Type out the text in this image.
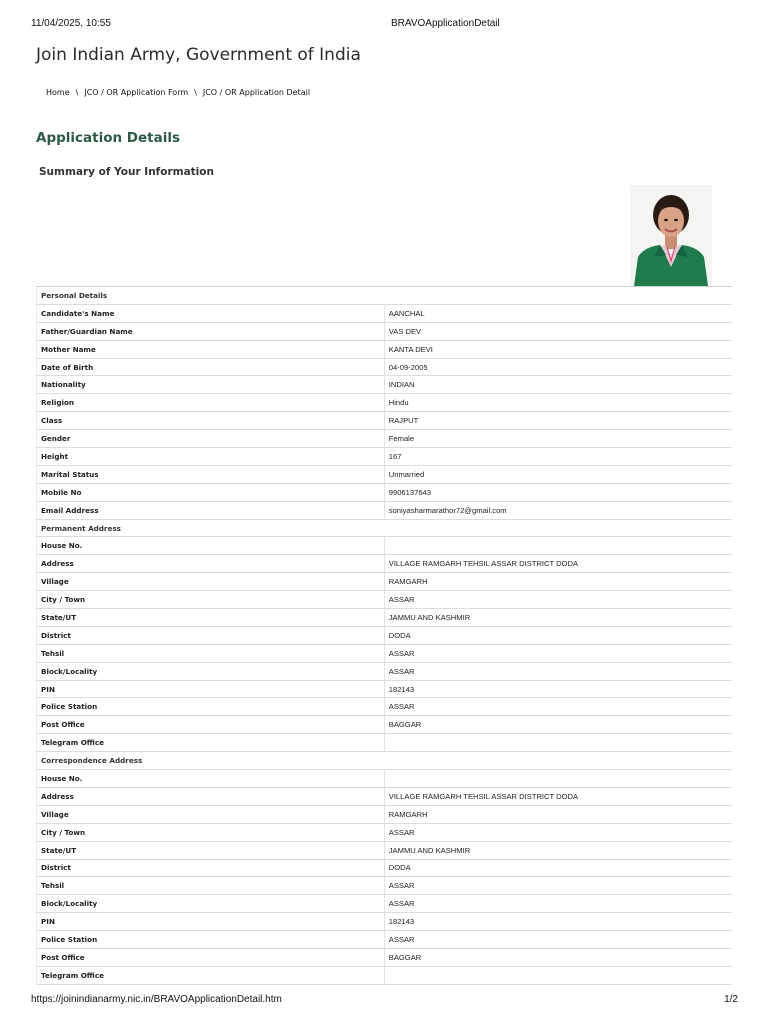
11/04/2025, 10:55	BRAVOApplicationDetail
Join Indian Army, Government of India
Home \ JCO / OR Application Form \ JCO / OR Application Detail
Application Details
Summary of Your Information
Personal Details	
Candidate's Name	AANCHAL
Father/Guardian Name	VAS DEV
Mother Name	KANTA DEVI
Date of Birth	04-09-2005
Nationality	INDIAN
Religion	Hindu
Class	RAJPUT
Gender	Female
Height	167
Marital Status	Unmarried
Mobile No	9906137643
Email Address	soniyasharmarathor72@gmail.com
Permanent Address	
House No.	
Address	VILLAGE RAMGARH TEHSIL ASSAR DISTRICT DODA
Village	RAMGARH
City / Town	ASSAR
State/UT	JAMMU AND KASHMIR
District	DODA
Tehsil	ASSAR
Block/Locality	ASSAR
PIN	182143
Police Station	ASSAR
Post Office	BAGGAR
Telegram Office	
Correspondence Address	
House No.	
Address	VILLAGE RAMGARH TEHSIL ASSAR DISTRICT DODA
Village	RAMGARH
City / Town	ASSAR
State/UT	JAMMU AND KASHMIR
District	DODA
Tehsil	ASSAR
Block/Locality	ASSAR
PIN	182143
Police Station	ASSAR
Post Office	BAGGAR
Telegram Office	
https://joinindianarmy.nic.in/BRAVOApplicationDetail.htm	1/2
